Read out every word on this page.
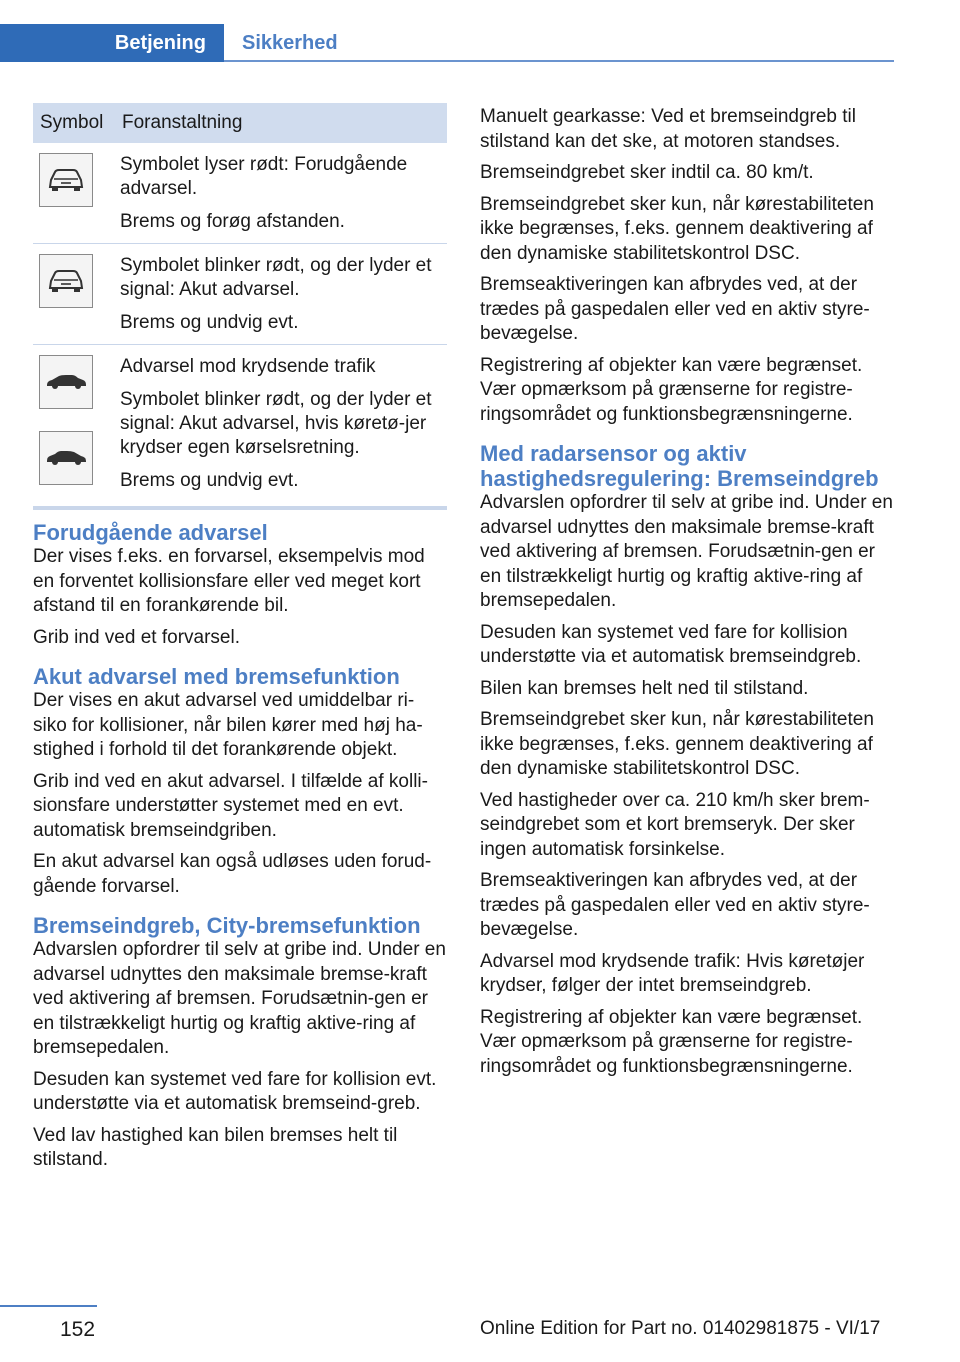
Betjening	Sikkerhed
Symbol Foranstaltning

Symbolet lyser rødt: Forudgående advarsel.

Brems og forøg afstanden.

Symbolet blinker rødt, og der lyder et signal: Akut advarsel.

Brems og undvig evt.

Advarsel mod krydsende trafik

Symbolet blinker rødt, og der lyder et signal: Akut advarsel, hvis køretø-jer krydser egen kørselsretning.

Brems og undvig evt.

Forudgående advarsel

Der vises f.eks. en forvarsel, eksempelvis mod en forventet kollisionsfare eller ved meget kort afstand til en forankørende bil.

Grib ind ved et forvarsel.

Akut advarsel med bremsefunktion

Der vises en akut advarsel ved umiddelbar ri-siko for kollisioner, når bilen kører med høj ha-stighed i forhold til det forankørende objekt.

Grib ind ved en akut advarsel. I tilfælde af kolli-sionsfare understøtter systemet med en evt. automatisk bremseindgriben.

En akut advarsel kan også udløses uden forud-gående forvarsel.

Bremseindgreb, City-bremsefunktion

Advarslen opfordrer til selv at gribe ind. Under en advarsel udnyttes den maksimale bremse-kraft ved aktivering af bremsen. Forudsætnin-gen er en tilstrækkeligt hurtig og kraftig aktive-ring af bremsepedalen.

Desuden kan systemet ved fare for kollision evt. understøtte via et automatisk bremseind-greb.

Ved lav hastighed kan bilen bremses helt til stilstand.

Manuelt gearkasse: Ved et bremseindgreb til stilstand kan det ske, at motoren standses.

Bremseindgrebet sker indtil ca. 80 km/t.

Bremseindgrebet sker kun, når kørestabiliteten ikke begrænses, f.eks. gennem deaktivering af den dynamiske stabilitetskontrol DSC.

Bremseaktiveringen kan afbrydes ved, at der trædes på gaspedalen eller ved en aktiv styre-bevægelse.

Registrering af objekter kan være begrænset. Vær opmærksom på grænserne for registre-ringsområdet og funktionsbegrænsningerne.

Med radarsensor og aktiv hastighedsregulering: Bremseindgreb

Advarslen opfordrer til selv at gribe ind. Under en advarsel udnyttes den maksimale bremse-kraft ved aktivering af bremsen. Forudsætnin-gen er en tilstrækkeligt hurtig og kraftig aktive-ring af bremsepedalen.

Desuden kan systemet ved fare for kollision understøtte via et automatisk bremseindgreb.

Bilen kan bremses helt ned til stilstand.

Bremseindgrebet sker kun, når kørestabiliteten ikke begrænses, f.eks. gennem deaktivering af den dynamiske stabilitetskontrol DSC.

Ved hastigheder over ca. 210 km/h sker brem-seindgrebet som et kort bremseryk. Der sker ingen automatisk forsinkelse.

Bremseaktiveringen kan afbrydes ved, at der trædes på gaspedalen eller ved en aktiv styre-bevægelse.

Advarsel mod krydsende trafik: Hvis køretøjer krydser, følger der intet bremseindgreb.

Registrering af objekter kan være begrænset. Vær opmærksom på grænserne for registre-ringsområdet og funktionsbegrænsningerne.

152	Online Edition for Part no. 01402981875 - VI/17
